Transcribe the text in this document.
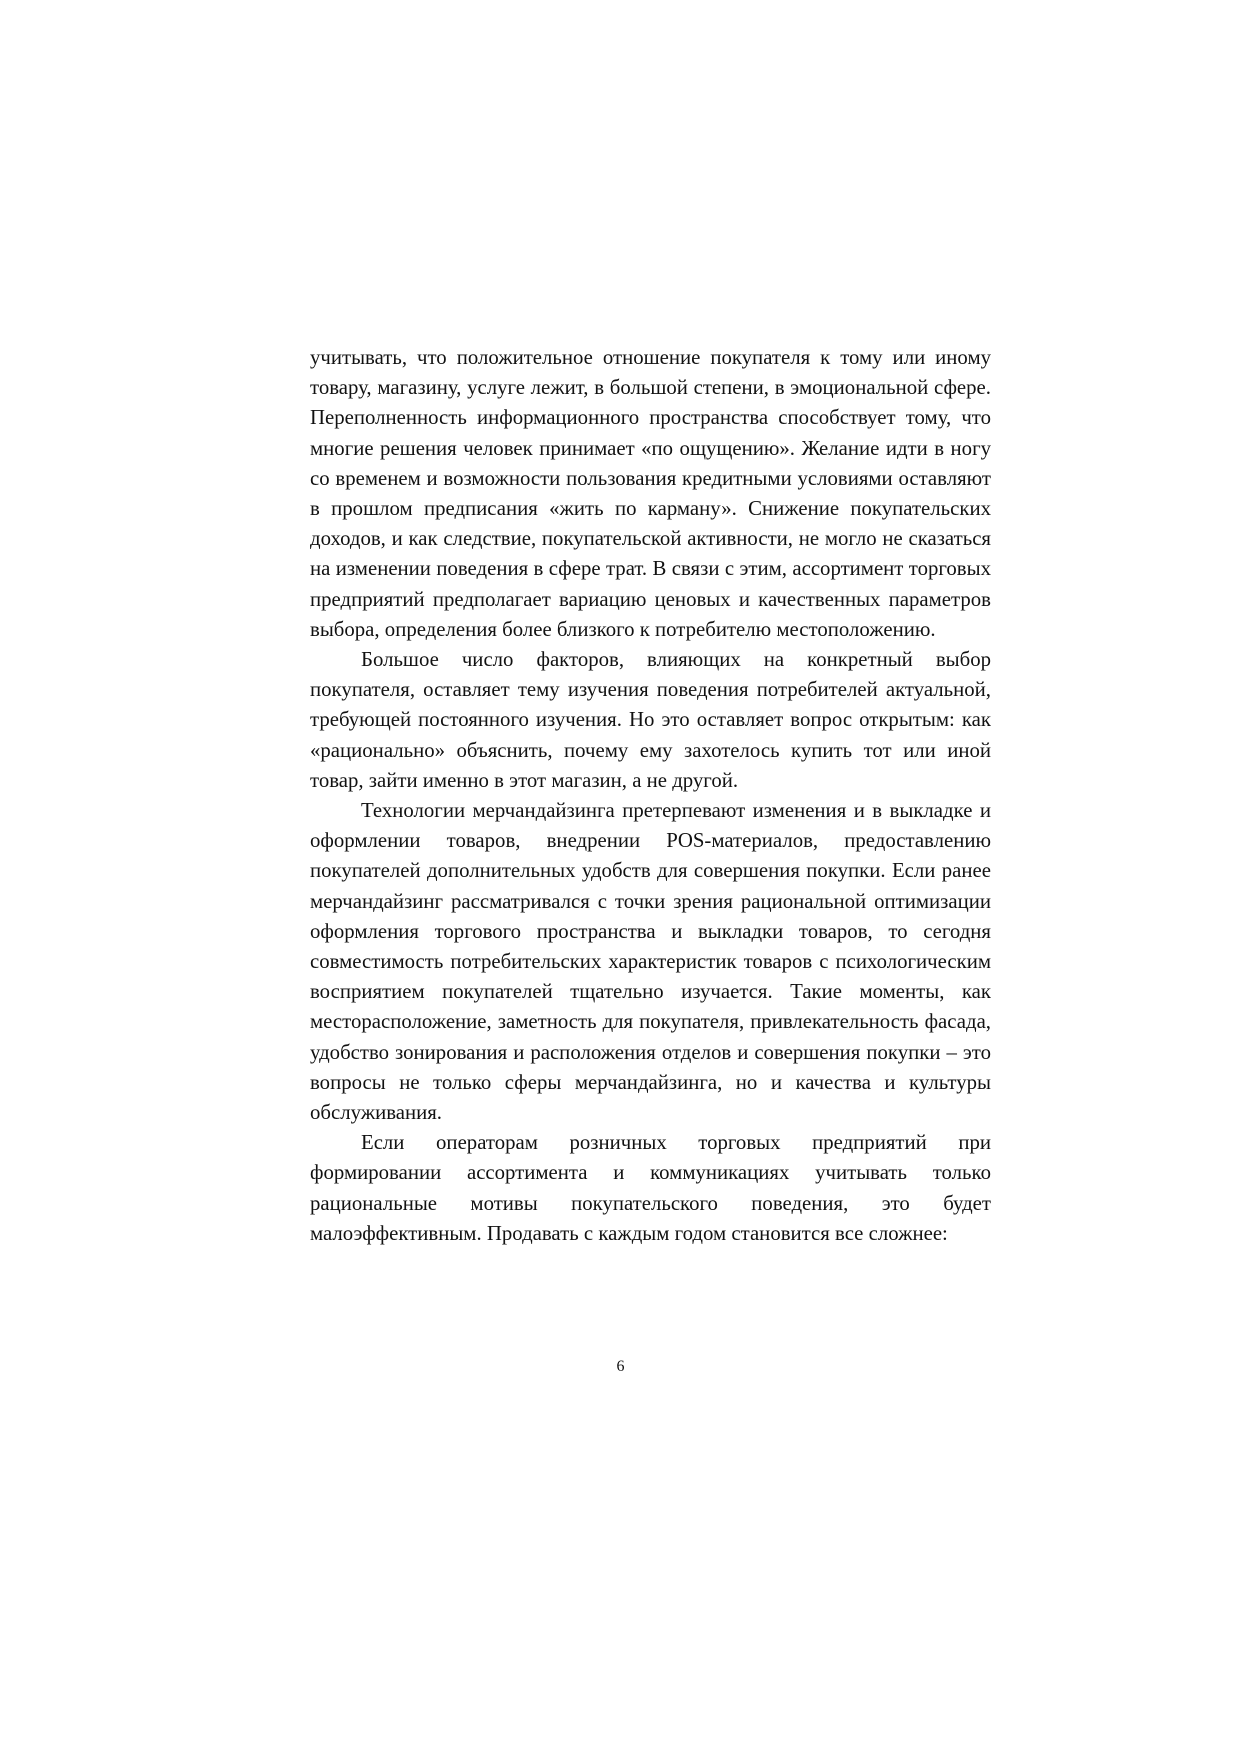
учитывать, что положительное отношение покупателя к тому или иному товару, магазину, услуге лежит, в большой степени, в эмоциональной сфере. Переполненность информационного пространства способствует тому, что многие решения человек принимает «по ощущению». Желание идти в ногу со временем и возможности пользования кредитными условиями оставляют в прошлом предписания «жить по карману». Снижение покупательских доходов, и как следствие, покупательской активности, не могло не сказаться на изменении поведения в сфере трат. В связи с этим, ассортимент торговых предприятий предполагает вариацию ценовых и качественных параметров выбора, определения более близкого к потребителю местоположению.

Большое число факторов, влияющих на конкретный выбор покупателя, оставляет тему изучения поведения потребителей актуальной, требующей постоянного изучения. Но это оставляет вопрос открытым: как «рационально» объяснить, почему ему захотелось купить тот или иной товар, зайти именно в этот магазин, а не другой.

Технологии мерчандайзинга претерпевают изменения и в выкладке и оформлении товаров, внедрении POS-материалов, предоставлению покупателей дополнительных удобств для совершения покупки. Если ранее мерчандайзинг рассматривался с точки зрения рациональной оптимизации оформления торгового пространства и выкладки товаров, то сегодня совместимость потребительских характеристик товаров с психологическим восприятием покупателей тщательно изучается. Такие моменты, как месторасположение, заметность для покупателя, привлекательность фасада, удобство зонирования и расположения отделов и совершения покупки – это вопросы не только сферы мерчандайзинга, но и качества и культуры обслуживания.

Если операторам розничных торговых предприятий при формировании ассортимента и коммуникациях учитывать только рациональные мотивы покупательского поведения, это будет малоэффективным. Продавать с каждым годом становится все сложнее:

6
